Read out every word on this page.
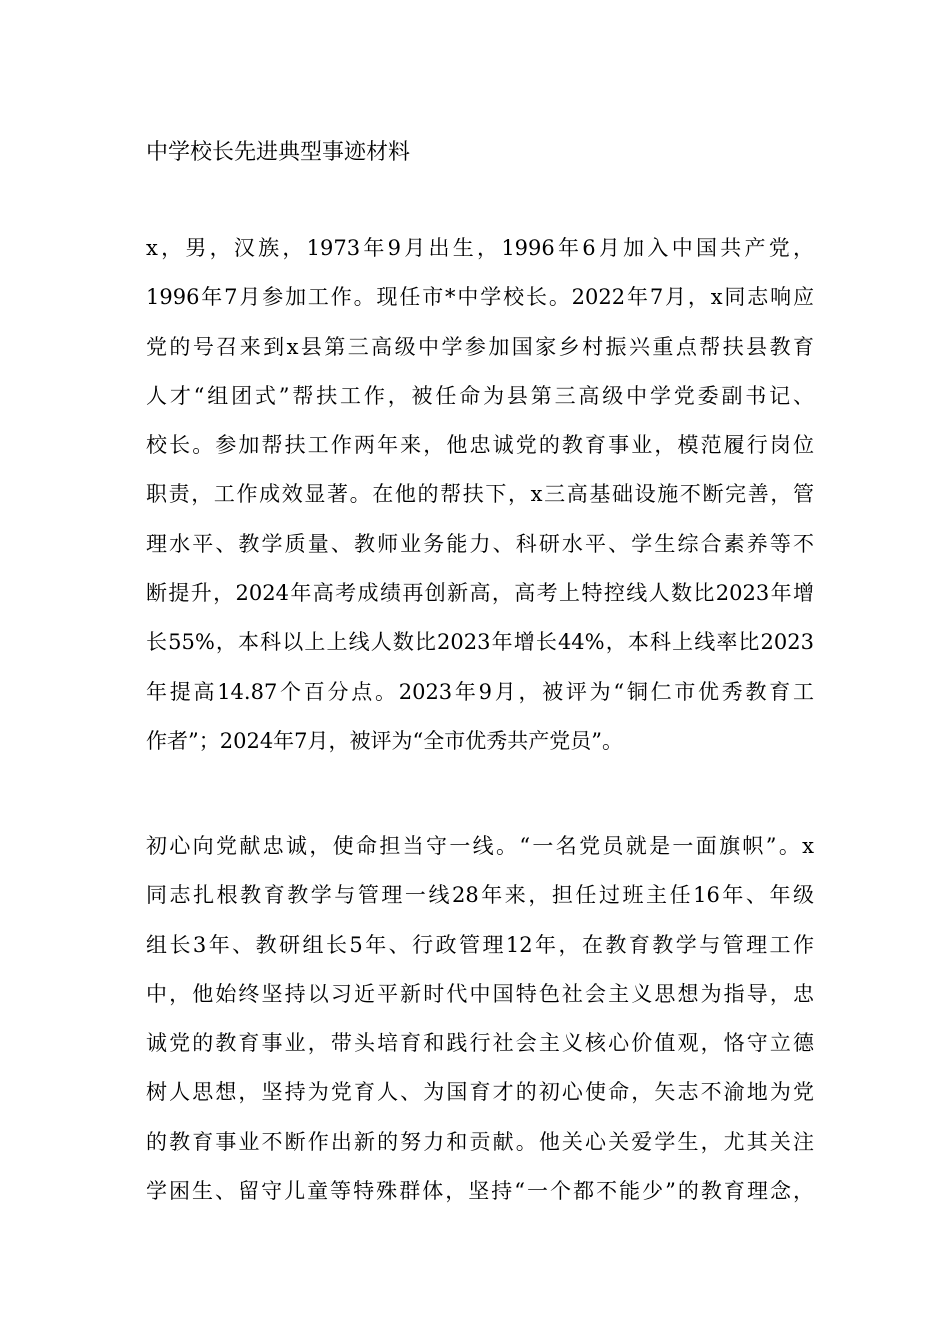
中学校长先进典型事迹材料
x，男，汉族，1973年9月出生，1996年6月加入中国共产党，
1996年7月参加工作。现任市*中学校长。2022年7月，x同志响应
党的号召来到x县第三高级中学参加国家乡村振兴重点帮扶县教育
人才“组团式”帮扶工作，被任命为县第三高级中学党委副书记、
校长。参加帮扶工作两年来，他忠诚党的教育事业，模范履行岗位
职责，工作成效显著。在他的帮扶下，x三高基础设施不断完善，管
理水平、教学质量、教师业务能力、科研水平、学生综合素养等不
断提升，2024年高考成绩再创新高，高考上特控线人数比2023年增
长55%，本科以上上线人数比2023年增长44%，本科上线率比2023
年提高14.87个百分点。2023年9月，被评为“铜仁市优秀教育工
作者”；2024年7月，被评为“全市优秀共产党员”。
初心向党献忠诚，使命担当守一线。“一名党员就是一面旗帜”。x
同志扎根教育教学与管理一线28年来，担任过班主任16年、年级
组长3年、教研组长5年、行政管理12年，在教育教学与管理工作
中，他始终坚持以习近平新时代中国特色社会主义思想为指导，忠
诚党的教育事业，带头培育和践行社会主义核心价值观，恪守立德
树人思想，坚持为党育人、为国育才的初心使命，矢志不渝地为党
的教育事业不断作出新的努力和贡献。他关心关爱学生，尤其关注
学困生、留守儿童等特殊群体，坚持“一个都不能少”的教育理念，
